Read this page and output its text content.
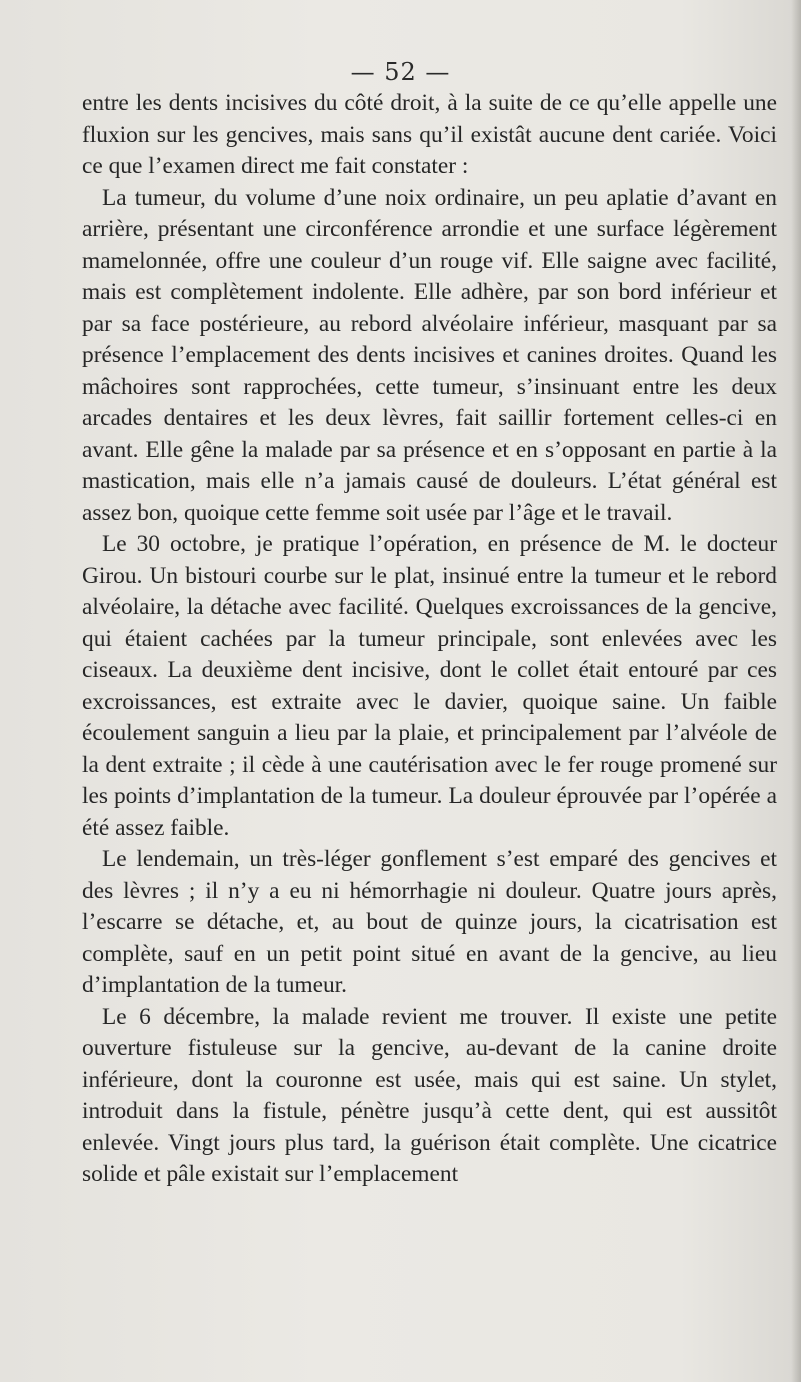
— 52 —

entre les dents incisives du côté droit, à la suite de ce qu’elle appelle une fluxion sur les gencives, mais sans qu’il existât aucune dent cariée. Voici ce que l’examen direct me fait constater :

La tumeur, du volume d’une noix ordinaire, un peu aplatie d’avant en arrière, présentant une circonférence arrondie et une surface légèrement mamelonnée, offre une couleur d’un rouge vif. Elle saigne avec facilité, mais est complètement indolente. Elle adhère, par son bord inférieur et par sa face postérieure, au rebord alvéolaire inférieur, masquant par sa présence l’emplacement des dents incisives et canines droites. Quand les mâchoires sont rapprochées, cette tumeur, s’insinuant entre les deux arcades dentaires et les deux lèvres, fait saillir fortement celles-ci en avant. Elle gêne la malade par sa présence et en s’opposant en partie à la mastication, mais elle n’a jamais causé de douleurs. L’état général est assez bon, quoique cette femme soit usée par l’âge et le travail.

Le 30 octobre, je pratique l’opération, en présence de M. le docteur Girou. Un bistouri courbe sur le plat, insinué entre la tumeur et le rebord alvéolaire, la détache avec facilité. Quelques excroissances de la gencive, qui étaient cachées par la tumeur principale, sont enlevées avec les ciseaux. La deuxième dent incisive, dont le collet était entouré par ces excroissances, est extraite avec le davier, quoique saine. Un faible écoulement sanguin a lieu par la plaie, et principalement par l’alvéole de la dent extraite ; il cède à une cautérisation avec le fer rouge promené sur les points d’implantation de la tumeur. La douleur éprouvée par l’opérée a été assez faible.

Le lendemain, un très-léger gonflement s’est emparé des gencives et des lèvres ; il n’y a eu ni hémorrhagie ni douleur. Quatre jours après, l’escarre se détache, et, au bout de quinze jours, la cicatrisation est complète, sauf en un petit point situé en avant de la gencive, au lieu d’implantation de la tumeur.

Le 6 décembre, la malade revient me trouver. Il existe une petite ouverture fistuleuse sur la gencive, au-devant de la canine droite inférieure, dont la couronne est usée, mais qui est saine. Un stylet, introduit dans la fistule, pénètre jusqu’à cette dent, qui est aussitôt enlevée. Vingt jours plus tard, la guérison était complète. Une cicatrice solide et pâle existait sur l’emplacement
